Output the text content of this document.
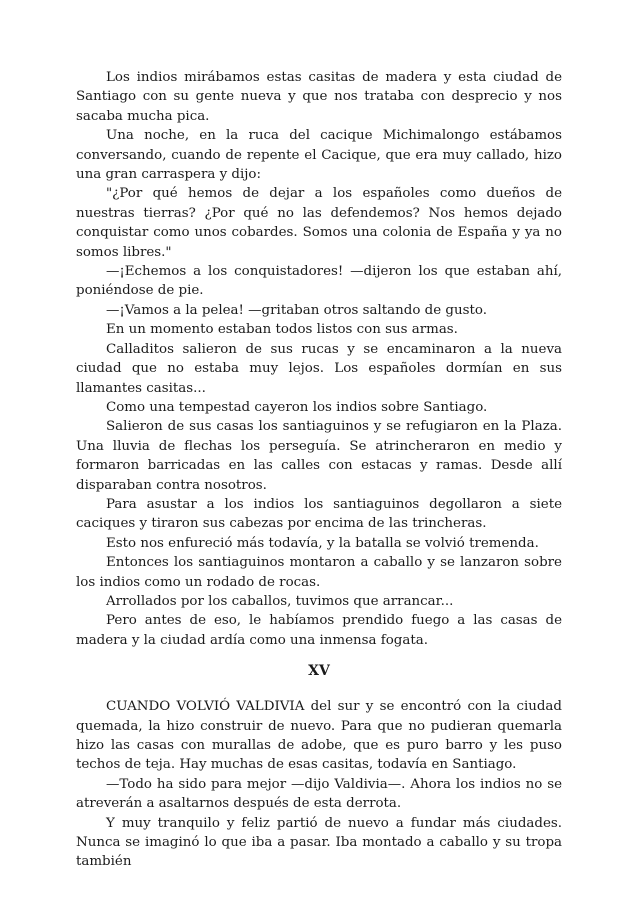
Los indios mirábamos estas casitas de madera y esta ciudad de Santiago con su gente nueva y que nos trataba con desprecio y nos sacaba mucha pica.

Una noche, en la ruca del cacique Michimalongo estábamos conversando, cuando de repente el Cacique, que era muy callado, hizo una gran carraspera y dijo:

"¿Por qué hemos de dejar a los españoles como dueños de nuestras tierras? ¿Por qué no las defendemos? Nos hemos dejado conquistar como unos cobardes. Somos una colonia de España y ya no somos libres."

—¡Echemos a los conquistadores! —dijeron los que estaban ahí, poniéndose de pie.

—¡Vamos a la pelea! —gritaban otros saltando de gusto.

En un momento estaban todos listos con sus armas.

Calladitos salieron de sus rucas y se encaminaron a la nueva ciudad que no estaba muy lejos. Los españoles dormían en sus llamantes casitas...

Como una tempestad cayeron los indios sobre Santiago.

Salieron de sus casas los santiaguinos y se refugiaron en la Plaza. Una lluvia de flechas los perseguía. Se atrincheraron en medio y formaron barricadas en las calles con estacas y ramas. Desde allí disparaban contra nosotros.

Para asustar a los indios los santiaguinos degollaron a siete caciques y tiraron sus cabezas por encima de las trincheras.

Esto nos enfureció más todavía, y la batalla se volvió tremenda.

Entonces los santiaguinos montaron a caballo y se lanzaron sobre los indios como un rodado de rocas.

Arrollados por los caballos, tuvimos que arrancar...

Pero antes de eso, le habíamos prendido fuego a las casas de madera y la ciudad ardía como una inmensa fogata.

XV

CUANDO VOLVIÓ VALDIVIA del sur y se encontró con la ciudad quemada, la hizo construir de nuevo. Para que no pudieran quemarla hizo las casas con murallas de adobe, que es puro barro y les puso techos de teja. Hay muchas de esas casitas, todavía en Santiago.

—Todo ha sido para mejor —dijo Valdivia—. Ahora los indios no se atreverán a asaltarnos después de esta derrota.

Y muy tranquilo y feliz partió de nuevo a fundar más ciudades. Nunca se imaginó lo que iba a pasar. Iba montado a caballo y su tropa también
